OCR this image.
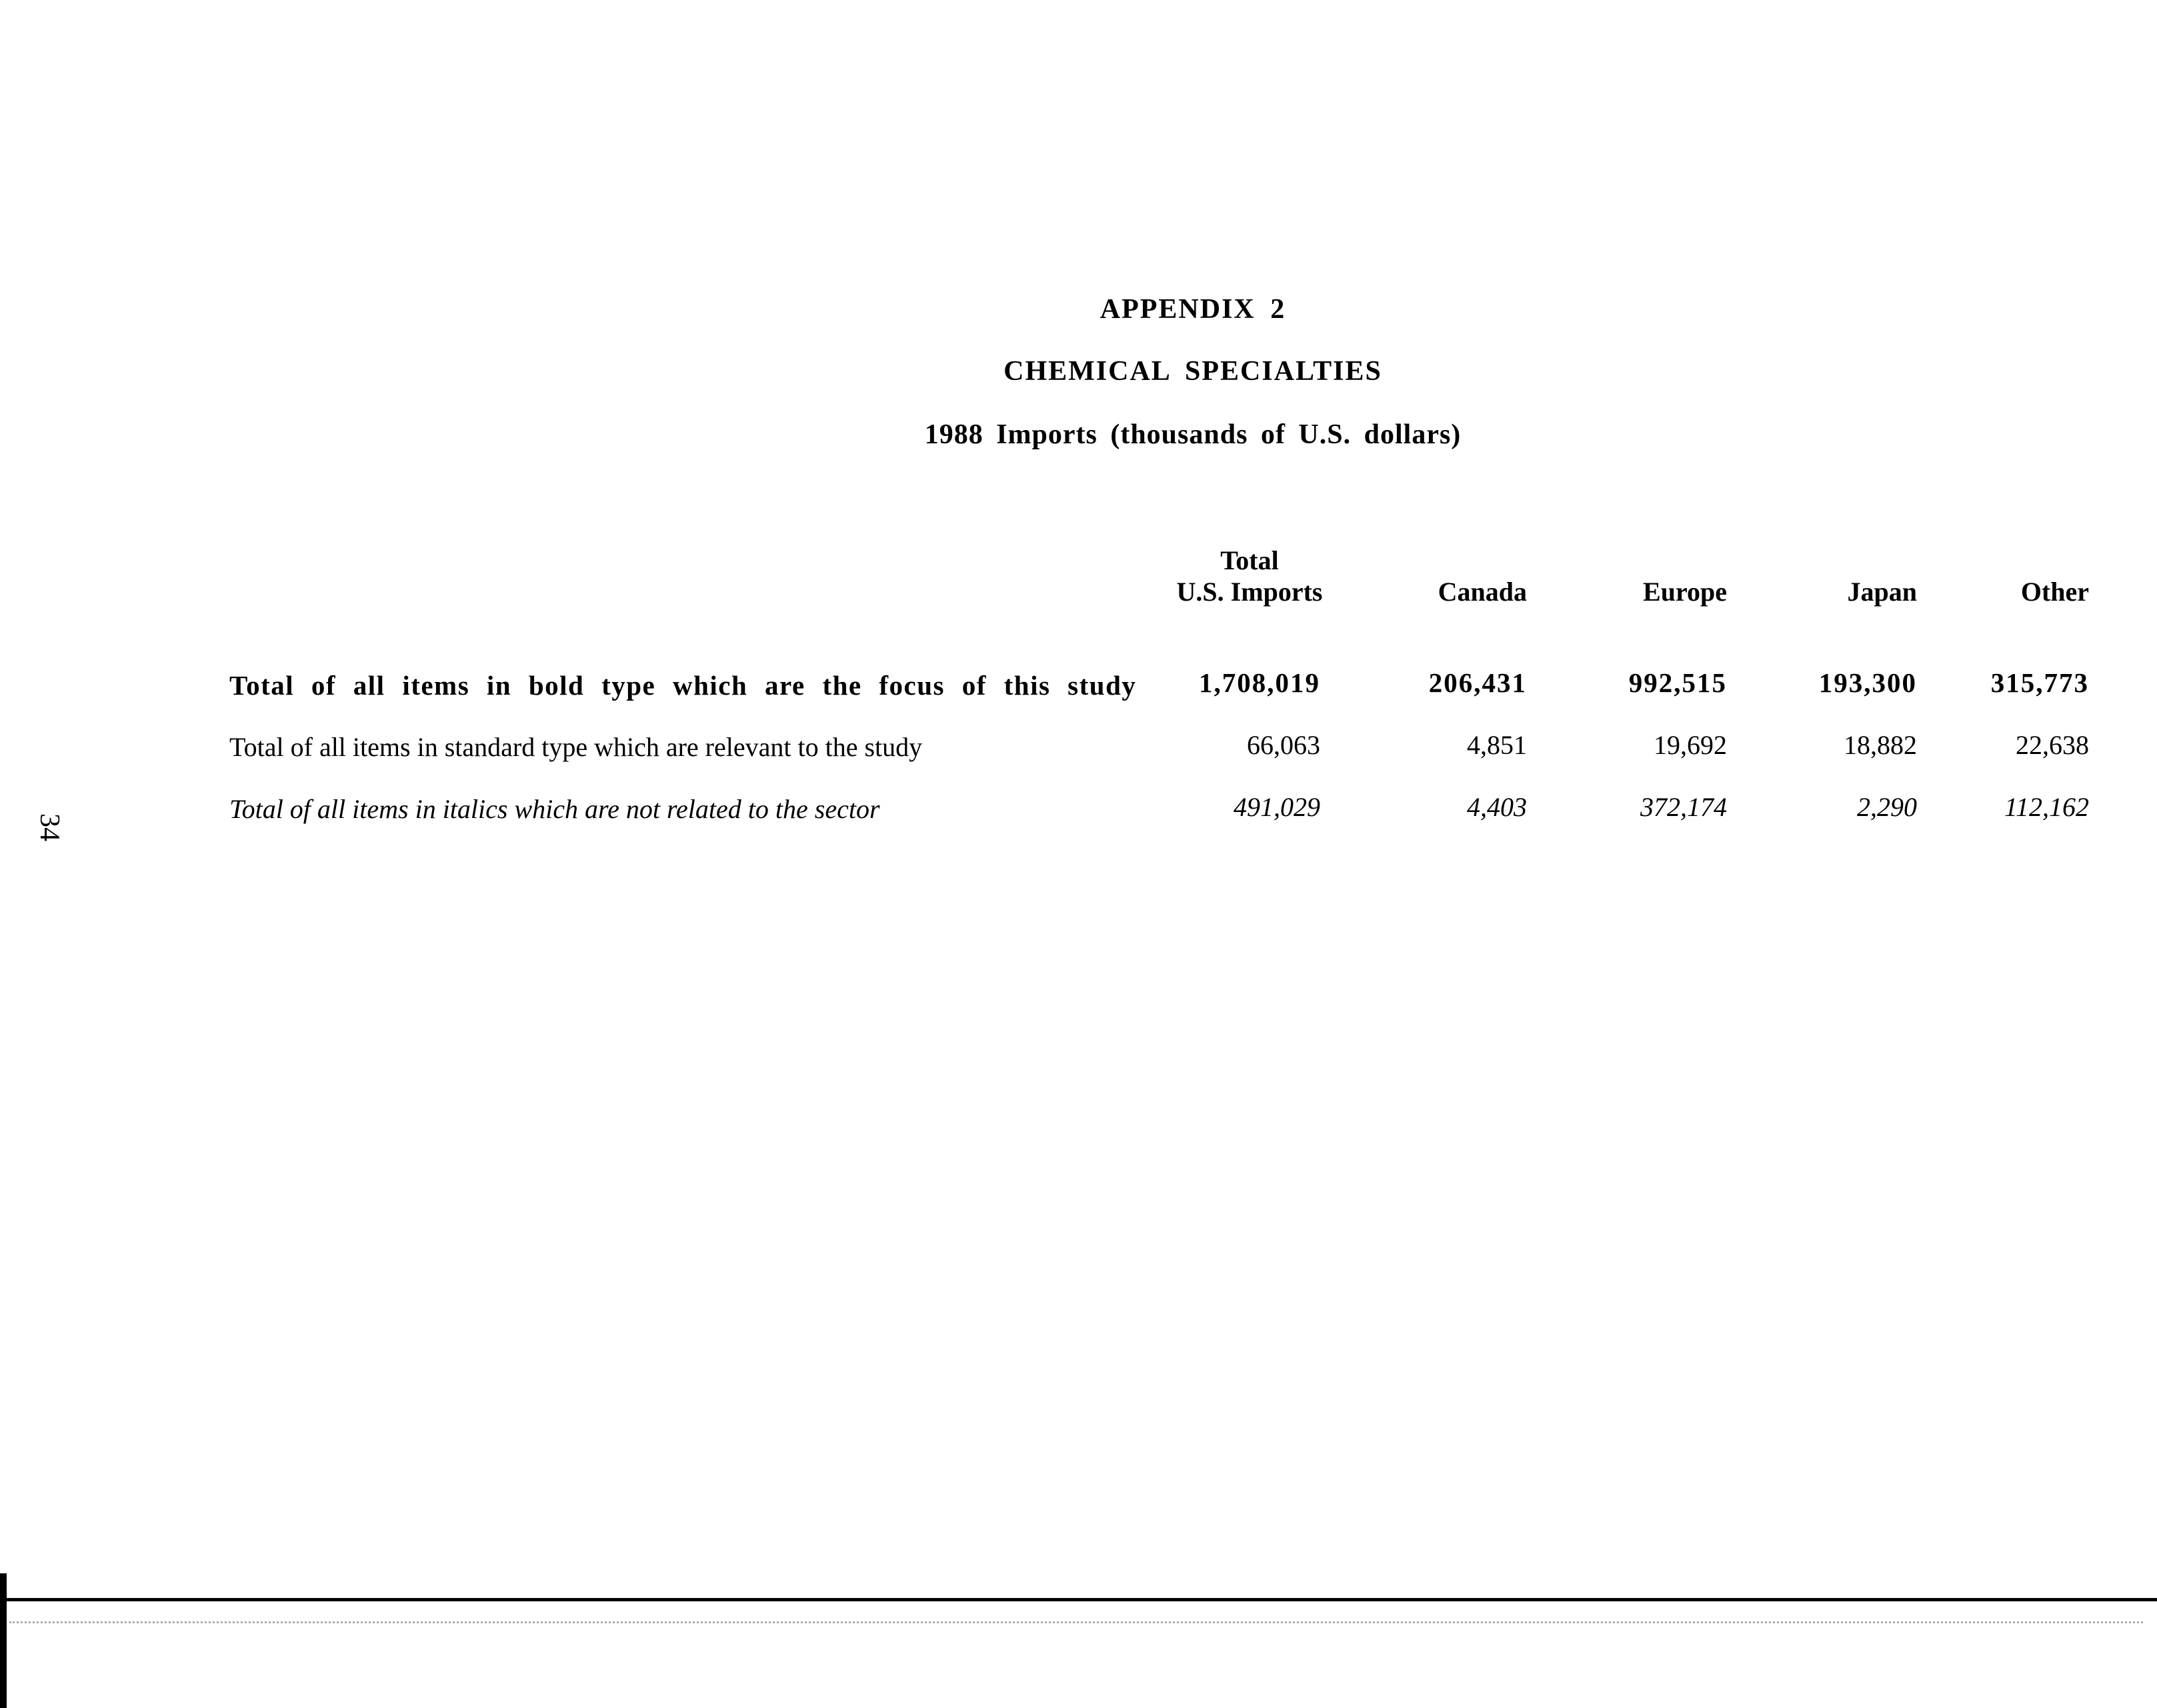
APPENDIX 2
CHEMICAL SPECIALTIES
1988 Imports (thousands of U.S. dollars)
34
Total
U.S. Imports	Canada	Europe	Japan	Other
Total of all items in bold type which are the focus of this study 1,708,019	206,431	992,515	193,300	315,773
Total of all items in standard type which are relevant to the study	66,063	4,851	19,692	18,882	22,638
Total of all items in italics which are not related to the sector	491,029	4,403	372,174	2,290	112,162
